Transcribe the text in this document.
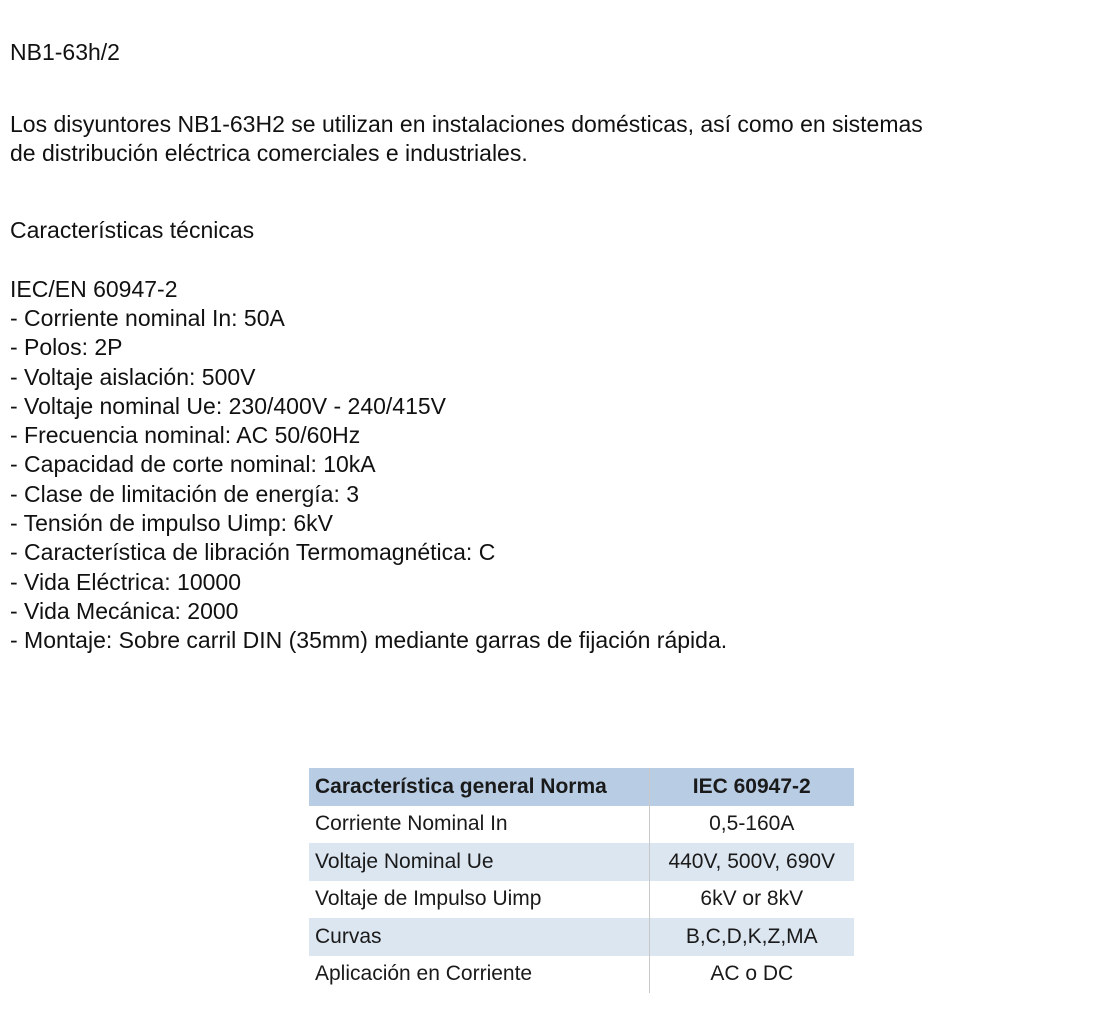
NB1-63h/2
Los disyuntores NB1-63H2 se utilizan en instalaciones domésticas, así como en sistemas
de distribución eléctrica comerciales e industriales.
Características técnicas
IEC/EN 60947-2
- Corriente nominal In: 50A
- Polos: 2P
- Voltaje aislación: 500V
- Voltaje nominal Ue: 230/400V - 240/415V
- Frecuencia nominal: AC 50/60Hz
- Capacidad de corte nominal: 10kA
- Clase de limitación de energía: 3
- Tensión de impulso Uimp: 6kV
- Característica de libración Termomagnética: C
- Vida Eléctrica: 10000
- Vida Mecánica: 2000
- Montaje: Sobre carril DIN (35mm) mediante garras de fijación rápida.
Característica general Norma	IEC 60947-2
Corriente Nominal In	0,5-160A
Voltaje Nominal Ue	440V, 500V, 690V
Voltaje de Impulso Uimp	6kV or 8kV
Curvas	B,C,D,K,Z,MA
Aplicación en Corriente	AC o DC
